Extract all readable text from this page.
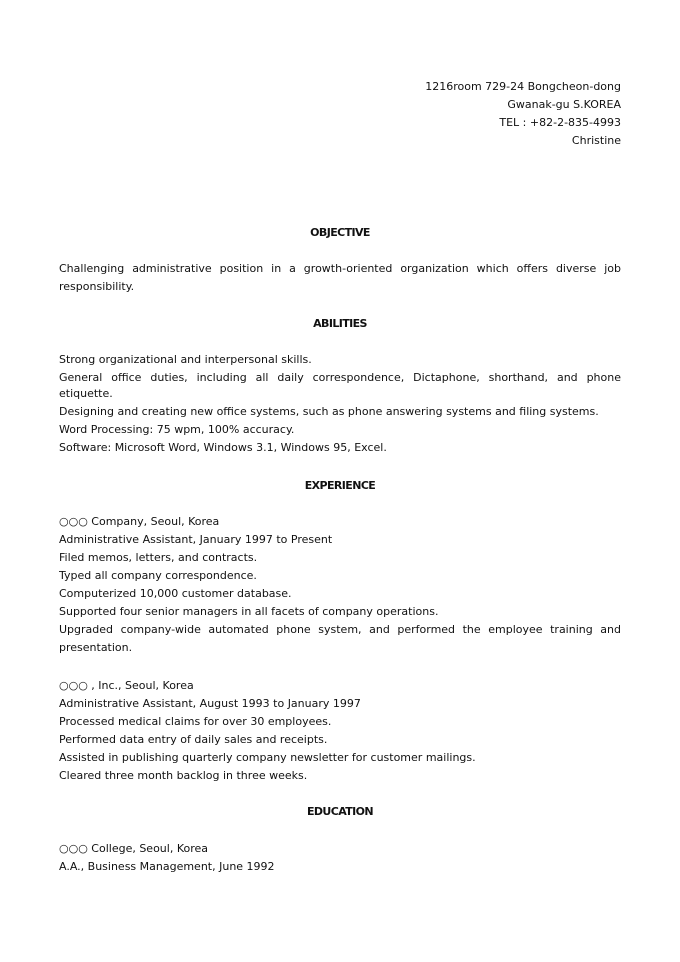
1216room 729-24 Bongcheon-dong
Gwanak-gu S.KOREA
TEL : +82-2-835-4993
Christine
OBJECTIVE
Challenging administrative position in a growth-oriented organization which offers diverse job responsibility.
ABILITIES
Strong organizational and interpersonal skills.
General office duties, including all daily correspondence, Dictaphone, shorthand, and phone etiquette.
Designing and creating new office systems, such as phone answering systems and filing systems.
Word Processing: 75 wpm, 100% accuracy.
Software: Microsoft Word, Windows 3.1, Windows 95, Excel.
EXPERIENCE
○○○ Company, Seoul, Korea
Administrative Assistant, January 1997 to Present
Filed memos, letters, and contracts.
Typed all company correspondence.
Computerized 10,000 customer database.
Supported four senior managers in all facets of company operations.
Upgraded company-wide automated phone system, and performed the employee training and presentation.
○○○ , Inc., Seoul, Korea
Administrative Assistant, August 1993 to January 1997
Processed medical claims for over 30 employees.
Performed data entry of daily sales and receipts.
Assisted in publishing quarterly company newsletter for customer mailings.
Cleared three month backlog in three weeks.
EDUCATION
○○○ College, Seoul, Korea
A.A., Business Management, June 1992
